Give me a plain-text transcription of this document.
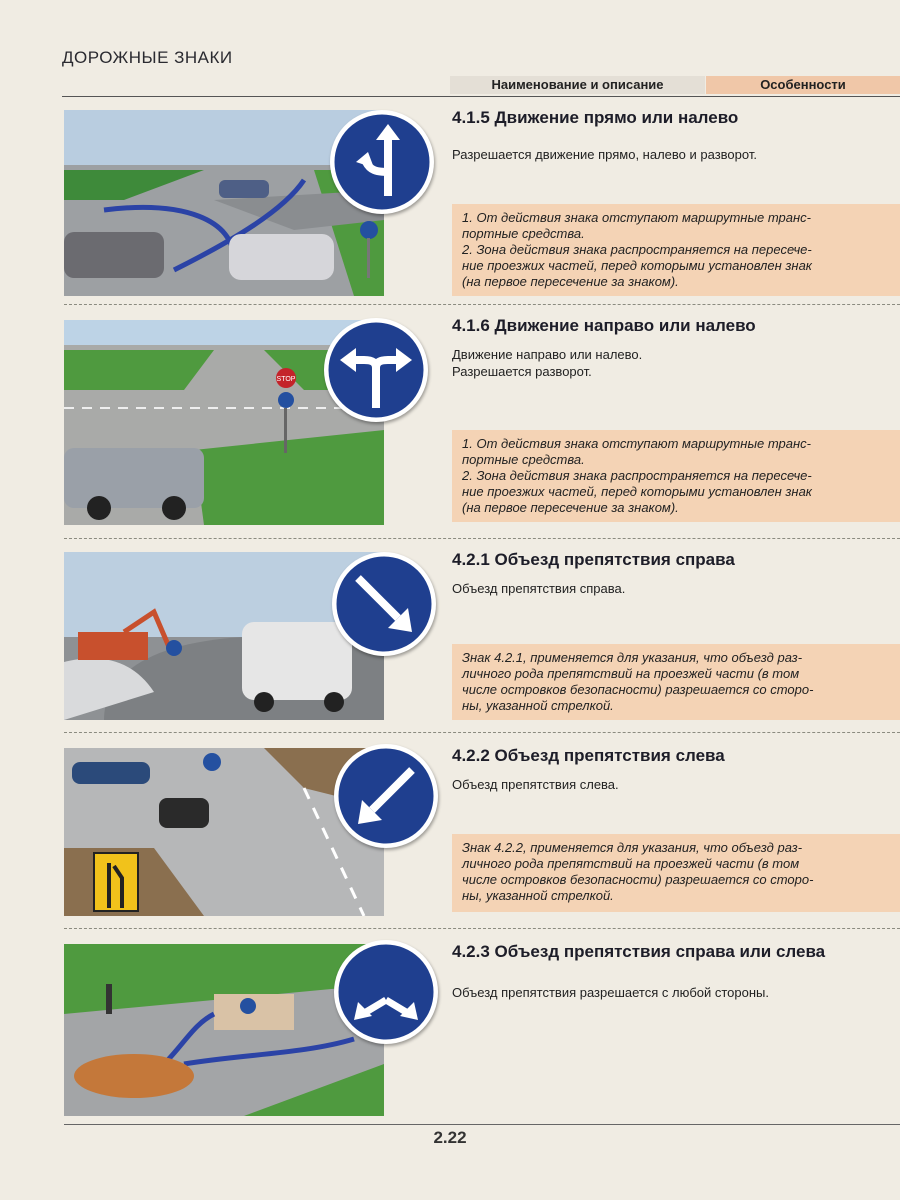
ДОРОЖНЫЕ ЗНАКИ
Наименование и описание	Особенности
4.1.5 Движение прямо или налево
Разрешается движение прямо, налево и разворот.
1. От действия знака отступают маршрутные транс-
портные средства.
2. Зона действия знака распространяется на пересече-
ние проезжих частей, перед которыми установлен знак
(на первое пересечение за знаком).
STOP
4.1.6 Движение направо или налево
Движение направо или налево.
Разрешается разворот.
1. От действия знака отступают маршрутные транс-
портные средства.
2. Зона действия знака распространяется на пересече-
ние проезжих частей, перед которыми установлен знак
(на первое пересечение за знаком).
4.2.1 Объезд препятствия справа
Объезд препятствия справа.
Знак 4.2.1, применяется для указания, что объезд раз-
личного рода препятствий на проезжей части (в том
числе островков безопасности) разрешается со сторо-
ны, указанной стрелкой.
4.2.2 Объезд препятствия слева
Объезд препятствия слева.
Знак 4.2.2, применяется для указания, что объезд раз-
личного рода препятствий на проезжей части (в том
числе островков безопасности) разрешается со сторо-
ны, указанной стрелкой.
4.2.3 Объезд препятствия справа или слева
Объезд препятствия разрешается с любой стороны.
2.22
